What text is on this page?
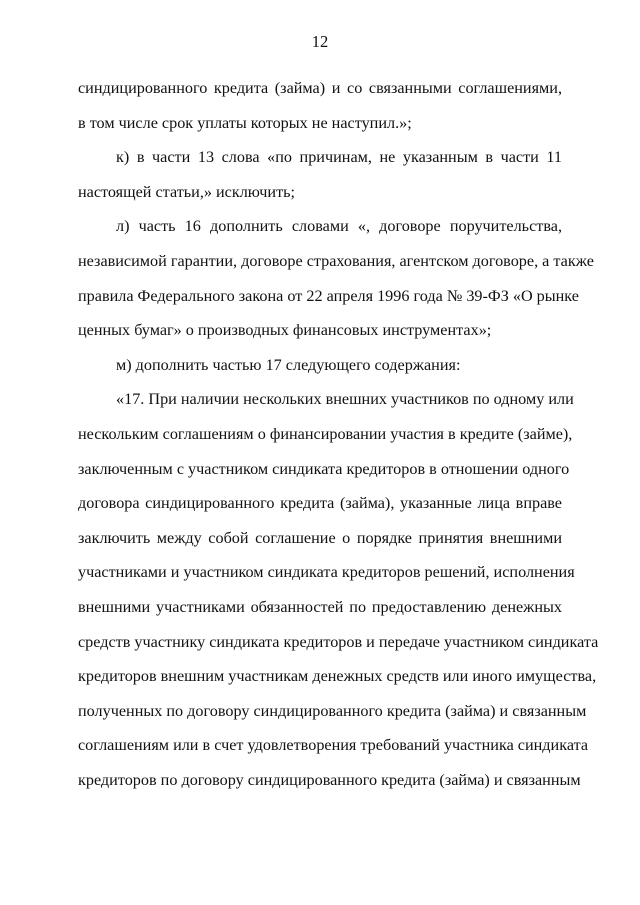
12

синдицированного кредита (займа) и со связанными соглашениями,
в том числе срок уплаты которых не наступил.»;

к) в части 13 слова «по причинам, не указанным в части 11
настоящей статьи,» исключить;

л) часть 16 дополнить словами «, договоре поручительства,
независимой гарантии, договоре страхования, агентском договоре, а также
правила Федерального закона от 22 апреля 1996 года № 39-ФЗ «О рынке
ценных бумаг» о производных финансовых инструментах»;

м) дополнить частью 17 следующего содержания:

«17. При наличии нескольких внешних участников по одному или
нескольким соглашениям о финансировании участия в кредите (займе),
заключенным с участником синдиката кредиторов в отношении одного
договора синдицированного кредита (займа), указанные лица вправе
заключить между собой соглашение о порядке принятия внешними
участниками и участником синдиката кредиторов решений, исполнения
внешними участниками обязанностей по предоставлению денежных
средств участнику синдиката кредиторов и передаче участником синдиката
кредиторов внешним участникам денежных средств или иного имущества,
полученных по договору синдицированного кредита (займа) и связанным
соглашениям или в счет удовлетворения требований участника синдиката
кредиторов по договору синдицированного кредита (займа) и связанным
